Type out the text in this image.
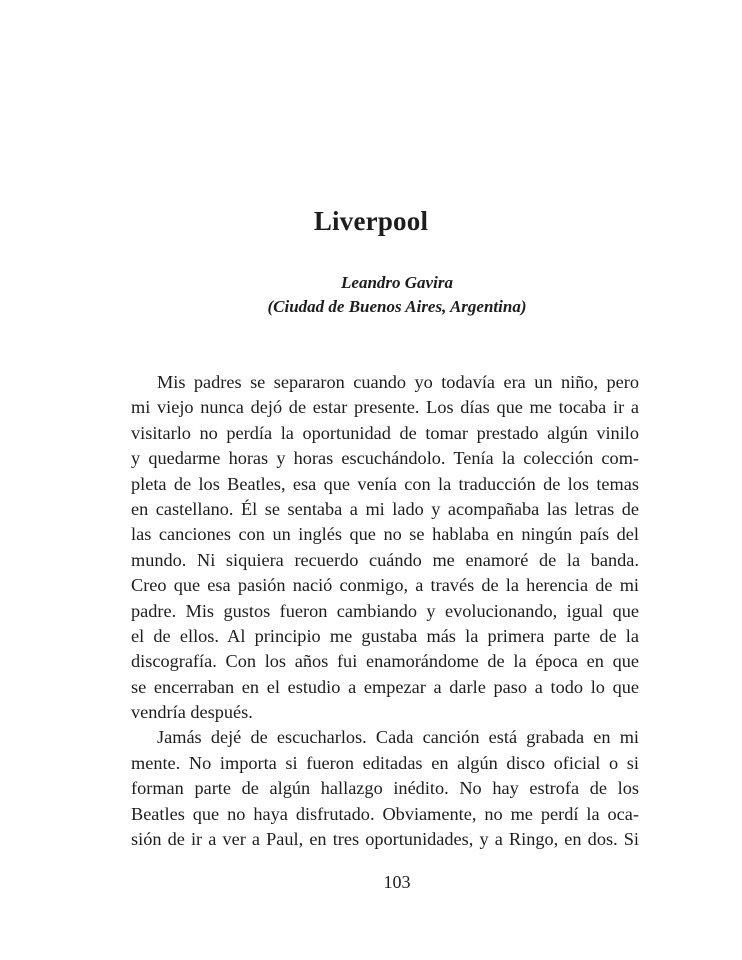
Liverpool
Leandro Gavira
(Ciudad de Buenos Aires, Argentina)
Mis padres se separaron cuando yo todavía era un niño, pero
mi viejo nunca dejó de estar presente. Los días que me tocaba ir a
visitarlo no perdía la oportunidad de tomar prestado algún vinilo
y quedarme horas y horas escuchándolo. Tenía la colección com-
pleta de los Beatles, esa que venía con la traducción de los temas
en castellano. Él se sentaba a mi lado y acompañaba las letras de
las canciones con un inglés que no se hablaba en ningún país del
mundo. Ni siquiera recuerdo cuándo me enamoré de la banda.
Creo que esa pasión nació conmigo, a través de la herencia de mi
padre. Mis gustos fueron cambiando y evolucionando, igual que
el de ellos. Al principio me gustaba más la primera parte de la
discografía. Con los años fui enamorándome de la época en que
se encerraban en el estudio a empezar a darle paso a todo lo que
vendría después.
Jamás dejé de escucharlos. Cada canción está grabada en mi
mente. No importa si fueron editadas en algún disco oficial o si
forman parte de algún hallazgo inédito. No hay estrofa de los
Beatles que no haya disfrutado. Obviamente, no me perdí la oca-
sión de ir a ver a Paul, en tres oportunidades, y a Ringo, en dos. Si
103
